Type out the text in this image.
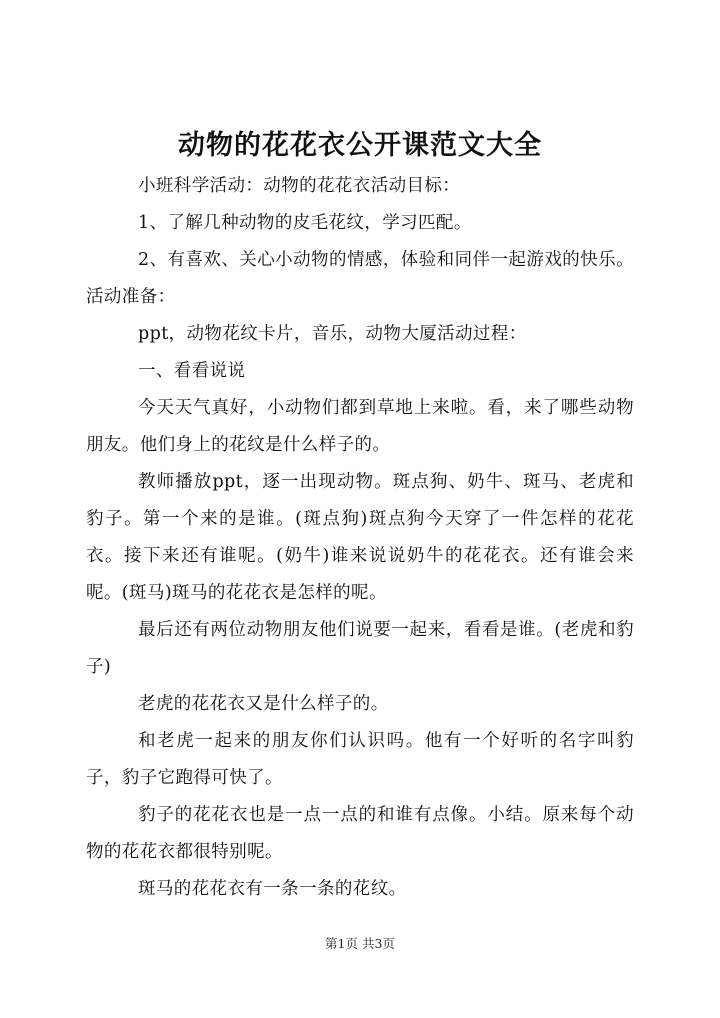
动物的花花衣公开课范文大全

小班科学活动：动物的花花衣活动目标：

1、了解几种动物的皮毛花纹，学习匹配。

2、有喜欢、关心小动物的情感，体验和同伴一起游戏的快乐。活动准备：

ppt，动物花纹卡片，音乐，动物大厦活动过程：

一、看看说说

今天天气真好，小动物们都到草地上来啦。看，来了哪些动物朋友。他们身上的花纹是什么样子的。

教师播放ppt，逐一出现动物。斑点狗、奶牛、斑马、老虎和豹子。第一个来的是谁。(斑点狗)斑点狗今天穿了一件怎样的花花衣。接下来还有谁呢。(奶牛)谁来说说奶牛的花花衣。还有谁会来呢。(斑马)斑马的花花衣是怎样的呢。

最后还有两位动物朋友他们说要一起来，看看是谁。(老虎和豹子)

老虎的花花衣又是什么样子的。

和老虎一起来的朋友你们认识吗。他有一个好听的名字叫豹子，豹子它跑得可快了。

豹子的花花衣也是一点一点的和谁有点像。小结。原来每个动物的花花衣都很特别呢。

斑马的花花衣有一条一条的花纹。

第1页 共3页
